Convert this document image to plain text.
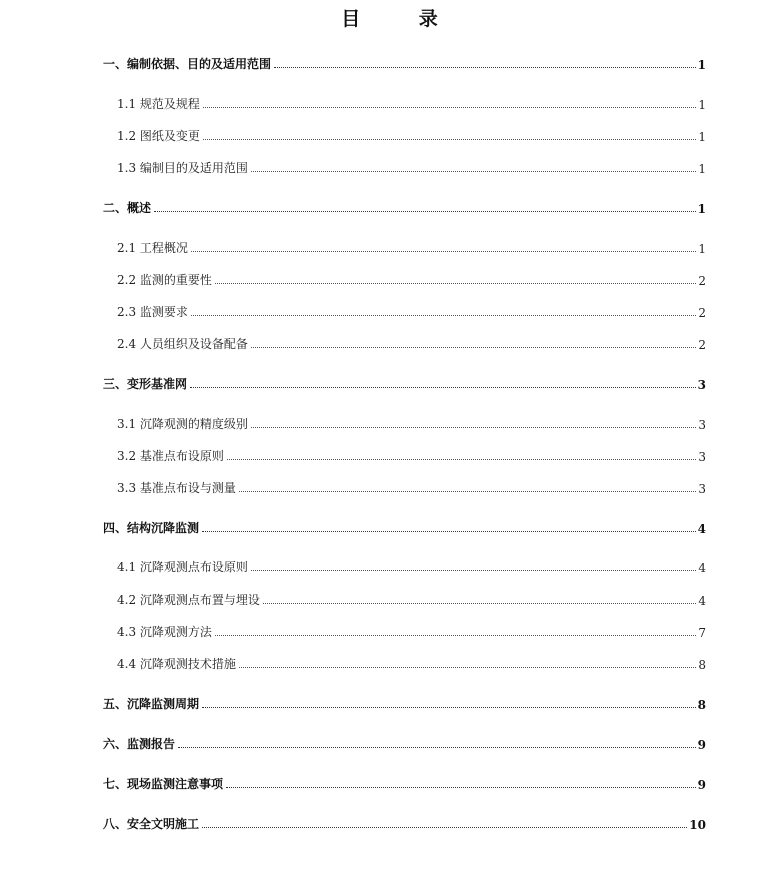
目 录
一、编制依据、目的及适用范围	1
1.1 规范及规程	1
1.2 图纸及变更	1
1.3 编制目的及适用范围	1
二、概述	1
2.1 工程概况	1
2.2 监测的重要性	2
2.3 监测要求	2
2.4 人员组织及设备配备	2
三、变形基准网	3
3.1 沉降观测的精度级别	3
3.2 基准点布设原则	3
3.3 基准点布设与测量	3
四、结构沉降监测	4
4.1 沉降观测点布设原则	4
4.2 沉降观测点布置与埋设	4
4.3 沉降观测方法	7
4.4 沉降观测技术措施	8
五、沉降监测周期	8
六、监测报告	9
七、现场监测注意事项	9
八、安全文明施工	10
